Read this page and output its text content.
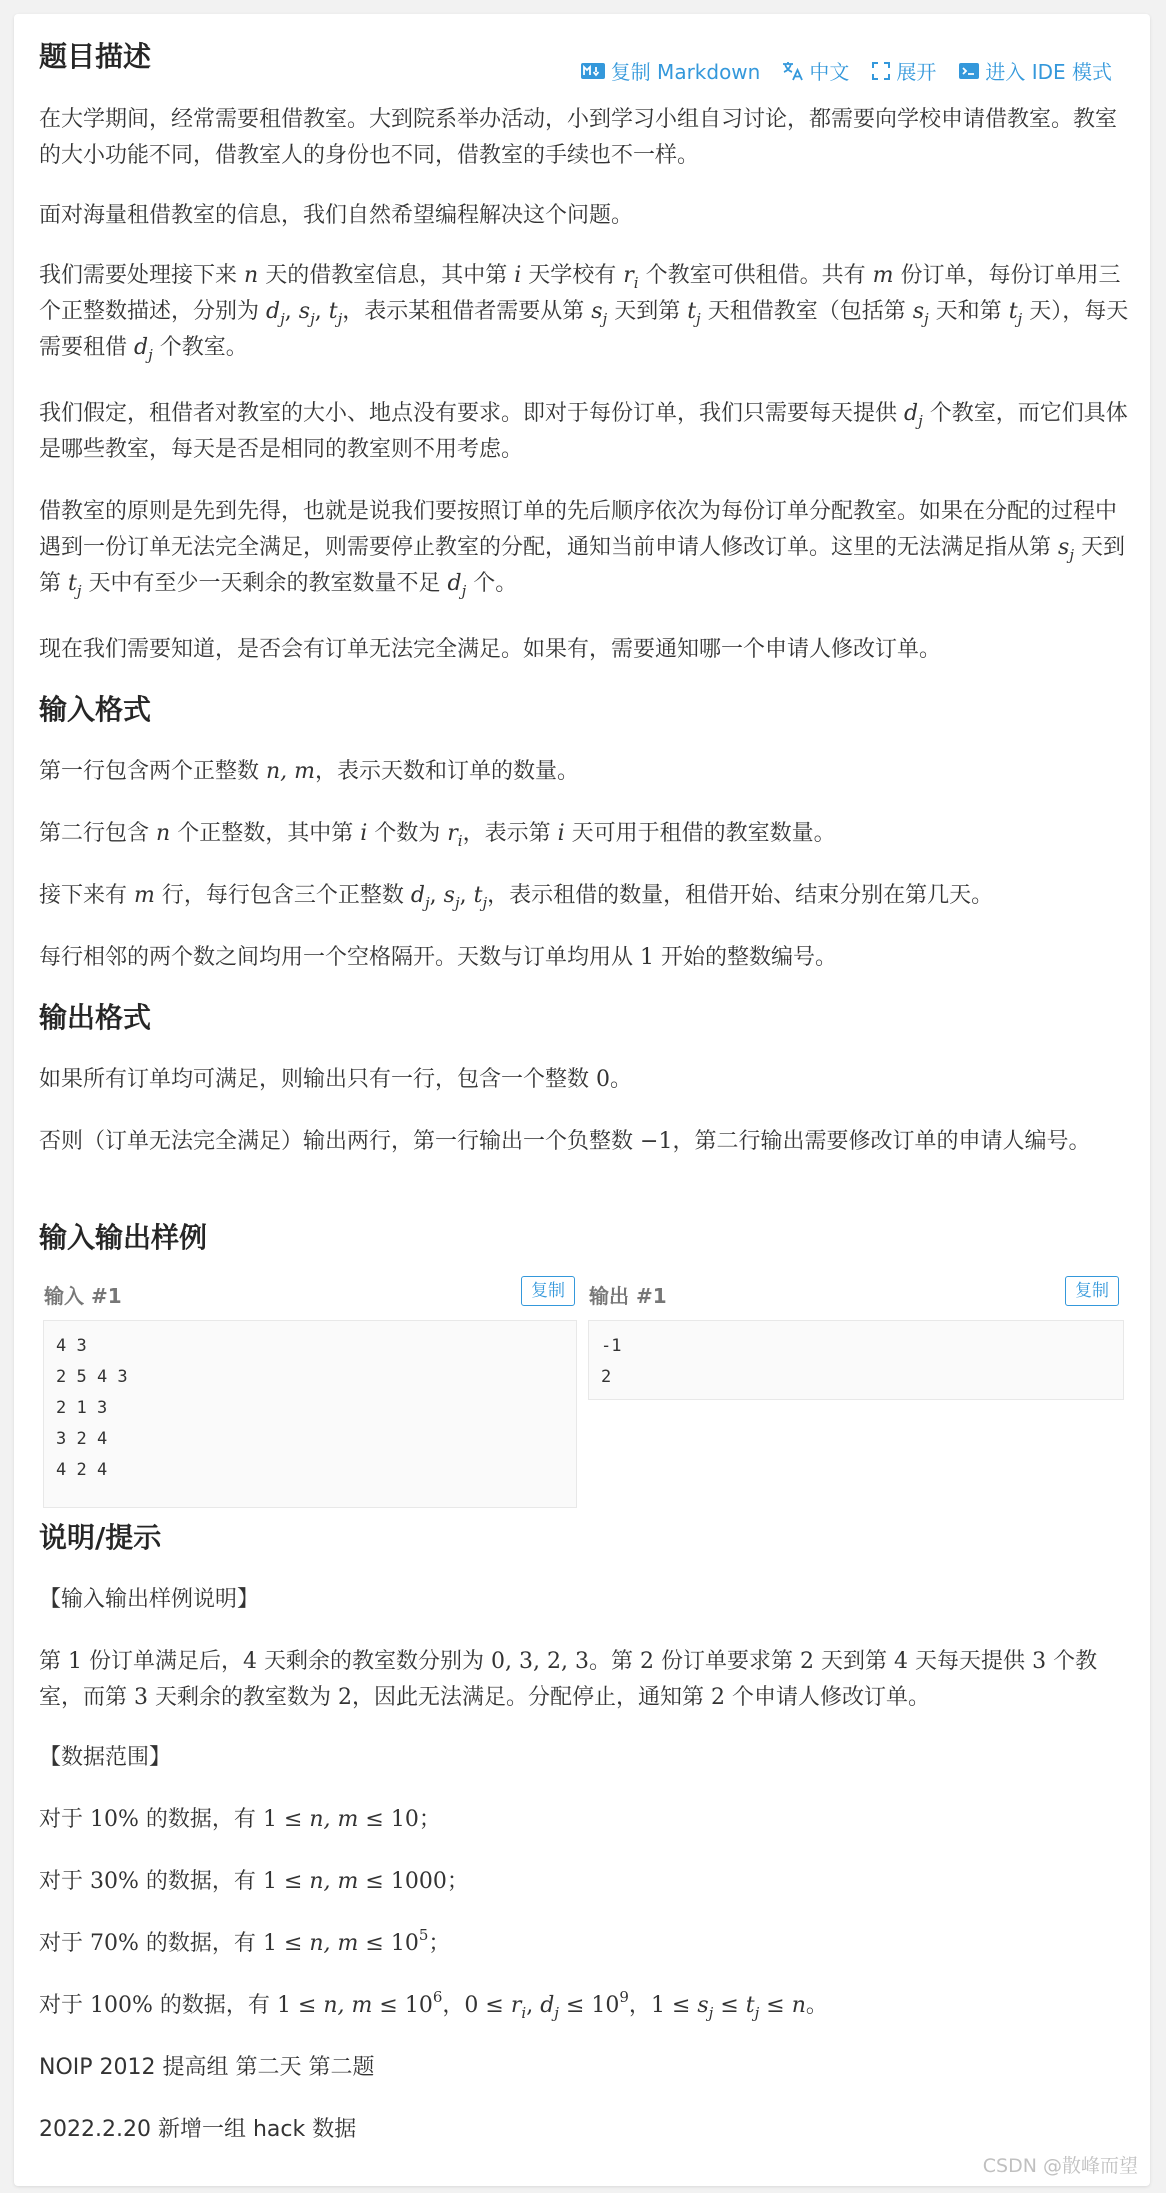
复制 Markdown 中文 展开 进入 IDE 模式
题目描述
在大学期间，经常需要租借教室。大到院系举办活动，小到学习小组自习讨论，都需要向学校申请借教室。教室的大小功能不同，借教室人的身份也不同，借教室的手续也不一样。
面对海量租借教室的信息，我们自然希望编程解决这个问题。
我们需要处理接下来 n 天的借教室信息，其中第 i 天学校有 $r_i$ 个教室可供租借。共有 m 份订单，每份订单用三个正整数描述，分别为 $d_j$, $s_j$, $t_j$，表示某租借者需要从第 $s_j$ 天到第 $t_j$ 天租借教室（包括第 $s_j$ 天和第 $t_j$ 天），每天需要租借 $d_j$ 个教室。
我们假定，租借者对教室的大小、地点没有要求。即对于每份订单，我们只需要每天提供 $d_j$ 个教室，而它们具体是哪些教室，每天是否是相同的教室则不用考虑。
借教室的原则是先到先得，也就是说我们要按照订单的先后顺序依次为每份订单分配教室。如果在分配的过程中遇到一份订单无法完全满足，则需要停止教室的分配，通知当前申请人修改订单。这里的无法满足指从第 $s_j$ 天到第 $t_j$ 天中有至少一天剩余的教室数量不足 $d_j$ 个。
现在我们需要知道，是否会有订单无法完全满足。如果有，需要通知哪一个申请人修改订单。
输入格式
第一行包含两个正整数 n, m，表示天数和订单的数量。
第二行包含 n 个正整数，其中第 i 个数为 $r_i$，表示第 i 天可用于租借的教室数量。
接下来有 m 行，每行包含三个正整数 $d_j$, $s_j$, $t_j$，表示租借的数量，租借开始、结束分别在第几天。
每行相邻的两个数之间均用一个空格隔开。天数与订单均用从 1 开始的整数编号。
输出格式
如果所有订单均可满足，则输出只有一行，包含一个整数 0。
否则（订单无法完全满足）输出两行，第一行输出一个负整数 −1，第二行输出需要修改订单的申请人编号。
输入输出样例
输入 #1	复制
4 3
2 5 4 3
2 1 3
3 2 4
4 2 4
输出 #1	复制
-1
2
说明/提示
【输入输出样例说明】
第 1 份订单满足后，4 天剩余的教室数分别为 0, 3, 2, 3。第 2 份订单要求第 2 天到第 4 天每天提供 3 个教室，而第 3 天剩余的教室数为 2，因此无法满足。分配停止，通知第 2 个申请人修改订单。
【数据范围】
对于 10% 的数据，有 1 ≤ n, m ≤ 10；
对于 30% 的数据，有 1 ≤ n, m ≤ 1000；
对于 70% 的数据，有 1 ≤ n, $m \le 10^5$；
对于 100% 的数据，有 1 ≤ n, $m \le 10^6$，$0 \le r_i$, $d_j \le 10^9$，$1 \le s_j \le t_j \le n$。
NOIP 2012 提高组 第二天 第二题
2022.2.20 新增一组 hack 数据
CSDN @散峰而望
